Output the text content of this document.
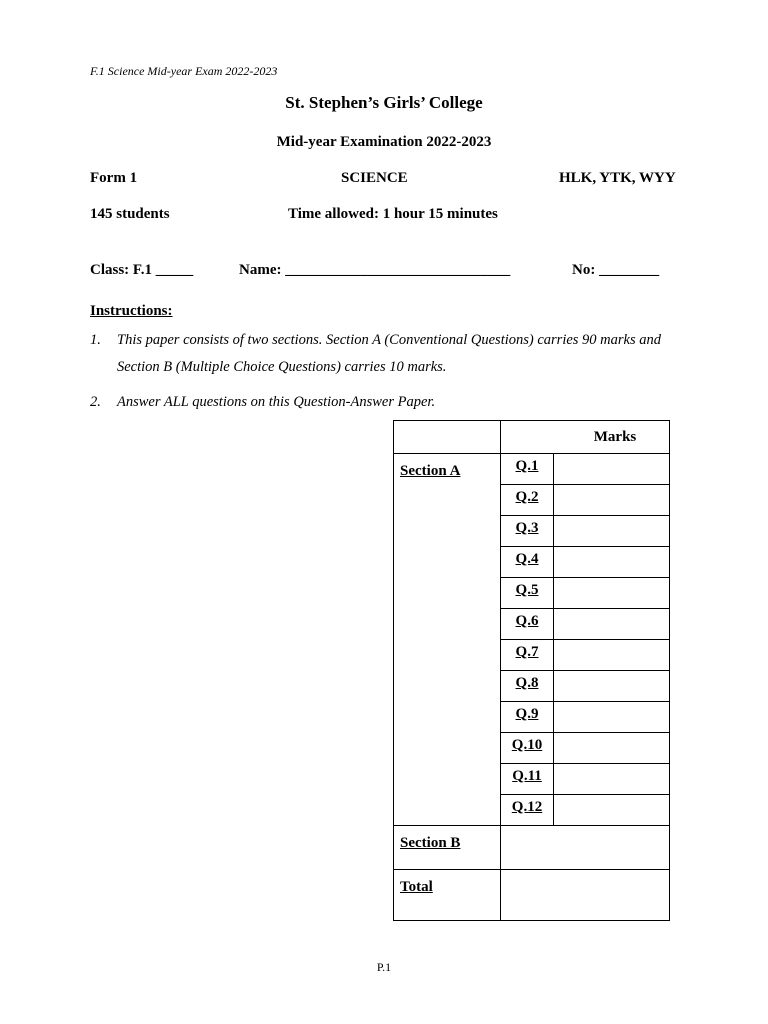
F.1 Science Mid-year Exam 2022-2023
St. Stephen’s Girls’ College
Mid-year Examination 2022-2023
Form 1	SCIENCE	HLK, YTK, WYY
145 students	Time allowed: 1 hour 15 minutes
Class: F.1 _____	Name: ______________________________	No: ________
Instructions:
1. This paper consists of two sections. Section A (Conventional Questions) carries 90 marks and
Section B (Multiple Choice Questions) carries 10 marks.
2. Answer ALL questions on this Question-Answer Paper.
	Marks	

Section A	Q.1	

	Q.2	

	Q.3	

	Q.4	

	Q.5	

	Q.6	

	Q.7	

	Q.8	

	Q.9	

	Q.10	

	Q.11	

	Q.12	

Section B		

Total		

P.1
